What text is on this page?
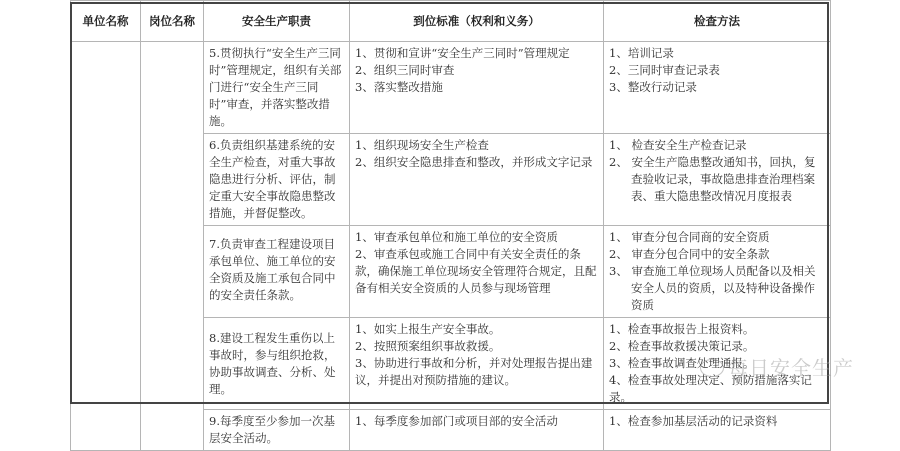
单位名称	岗位名称	安全生产职责	到位标准（权利和义务）	检查方法
		5.贯彻执行“安全生产三同时”管理规定，组织有关部门进行“安全生产三同时”审查，并落实整改措施。	1、贯彻和宣讲“安全生产三同时”管理规定
2、组织三同时审查
3、落实整改措施	1、培训记录
2、三同时审查记录表
3、整改行动记录

		6.负责组织基建系统的安全生产检查，对重大事故隐患进行分析、评估，制定重大安全事故隐患整改措施，并督促整改。	1、组织现场安全生产检查
2、组织安全隐患排查和整改，并形成文字记录	1、 检查安全生产检查记录
2、 安全生产隐患整改通知书，回执，复查验收记录，事故隐患排查治理档案表、重大隐患整改情况月度报表

		7.负责审查工程建设项目承包单位、施工单位的安全资质及施工承包合同中的安全责任条款。	1、审查承包单位和施工单位的安全资质
2、审查承包或施工合同中有关安全责任的条款，确保施工单位现场安全管理符合规定，且配备有相关安全资质的人员参与现场管理	1、 审查分包合同商的安全资质
2、 审查分包合同中的安全条款
3、 审查施工单位现场人员配备以及相关安全人员的资质，以及特种设备操作资质

		8.建设工程发生重伤以上事故时，参与组织抢救，协助事故调查、分析、处理。	1、如实上报生产安全事故。
2、按照预案组织事故救援。
3、协助进行事故和分析，并对处理报告提出建议，并提出对预防措施的建议。	1、检查事故报告上报资料。
2、检查事故救援决策记录。
3、检查事故调查处理通报。
4、检查事故处理决定、预防措施落实记录。

		9.每季度至少参加一次基层安全活动。	1、每季度参加部门或项目部的安全活动	1、检查参加基层活动的记录资料
每日安全生产
